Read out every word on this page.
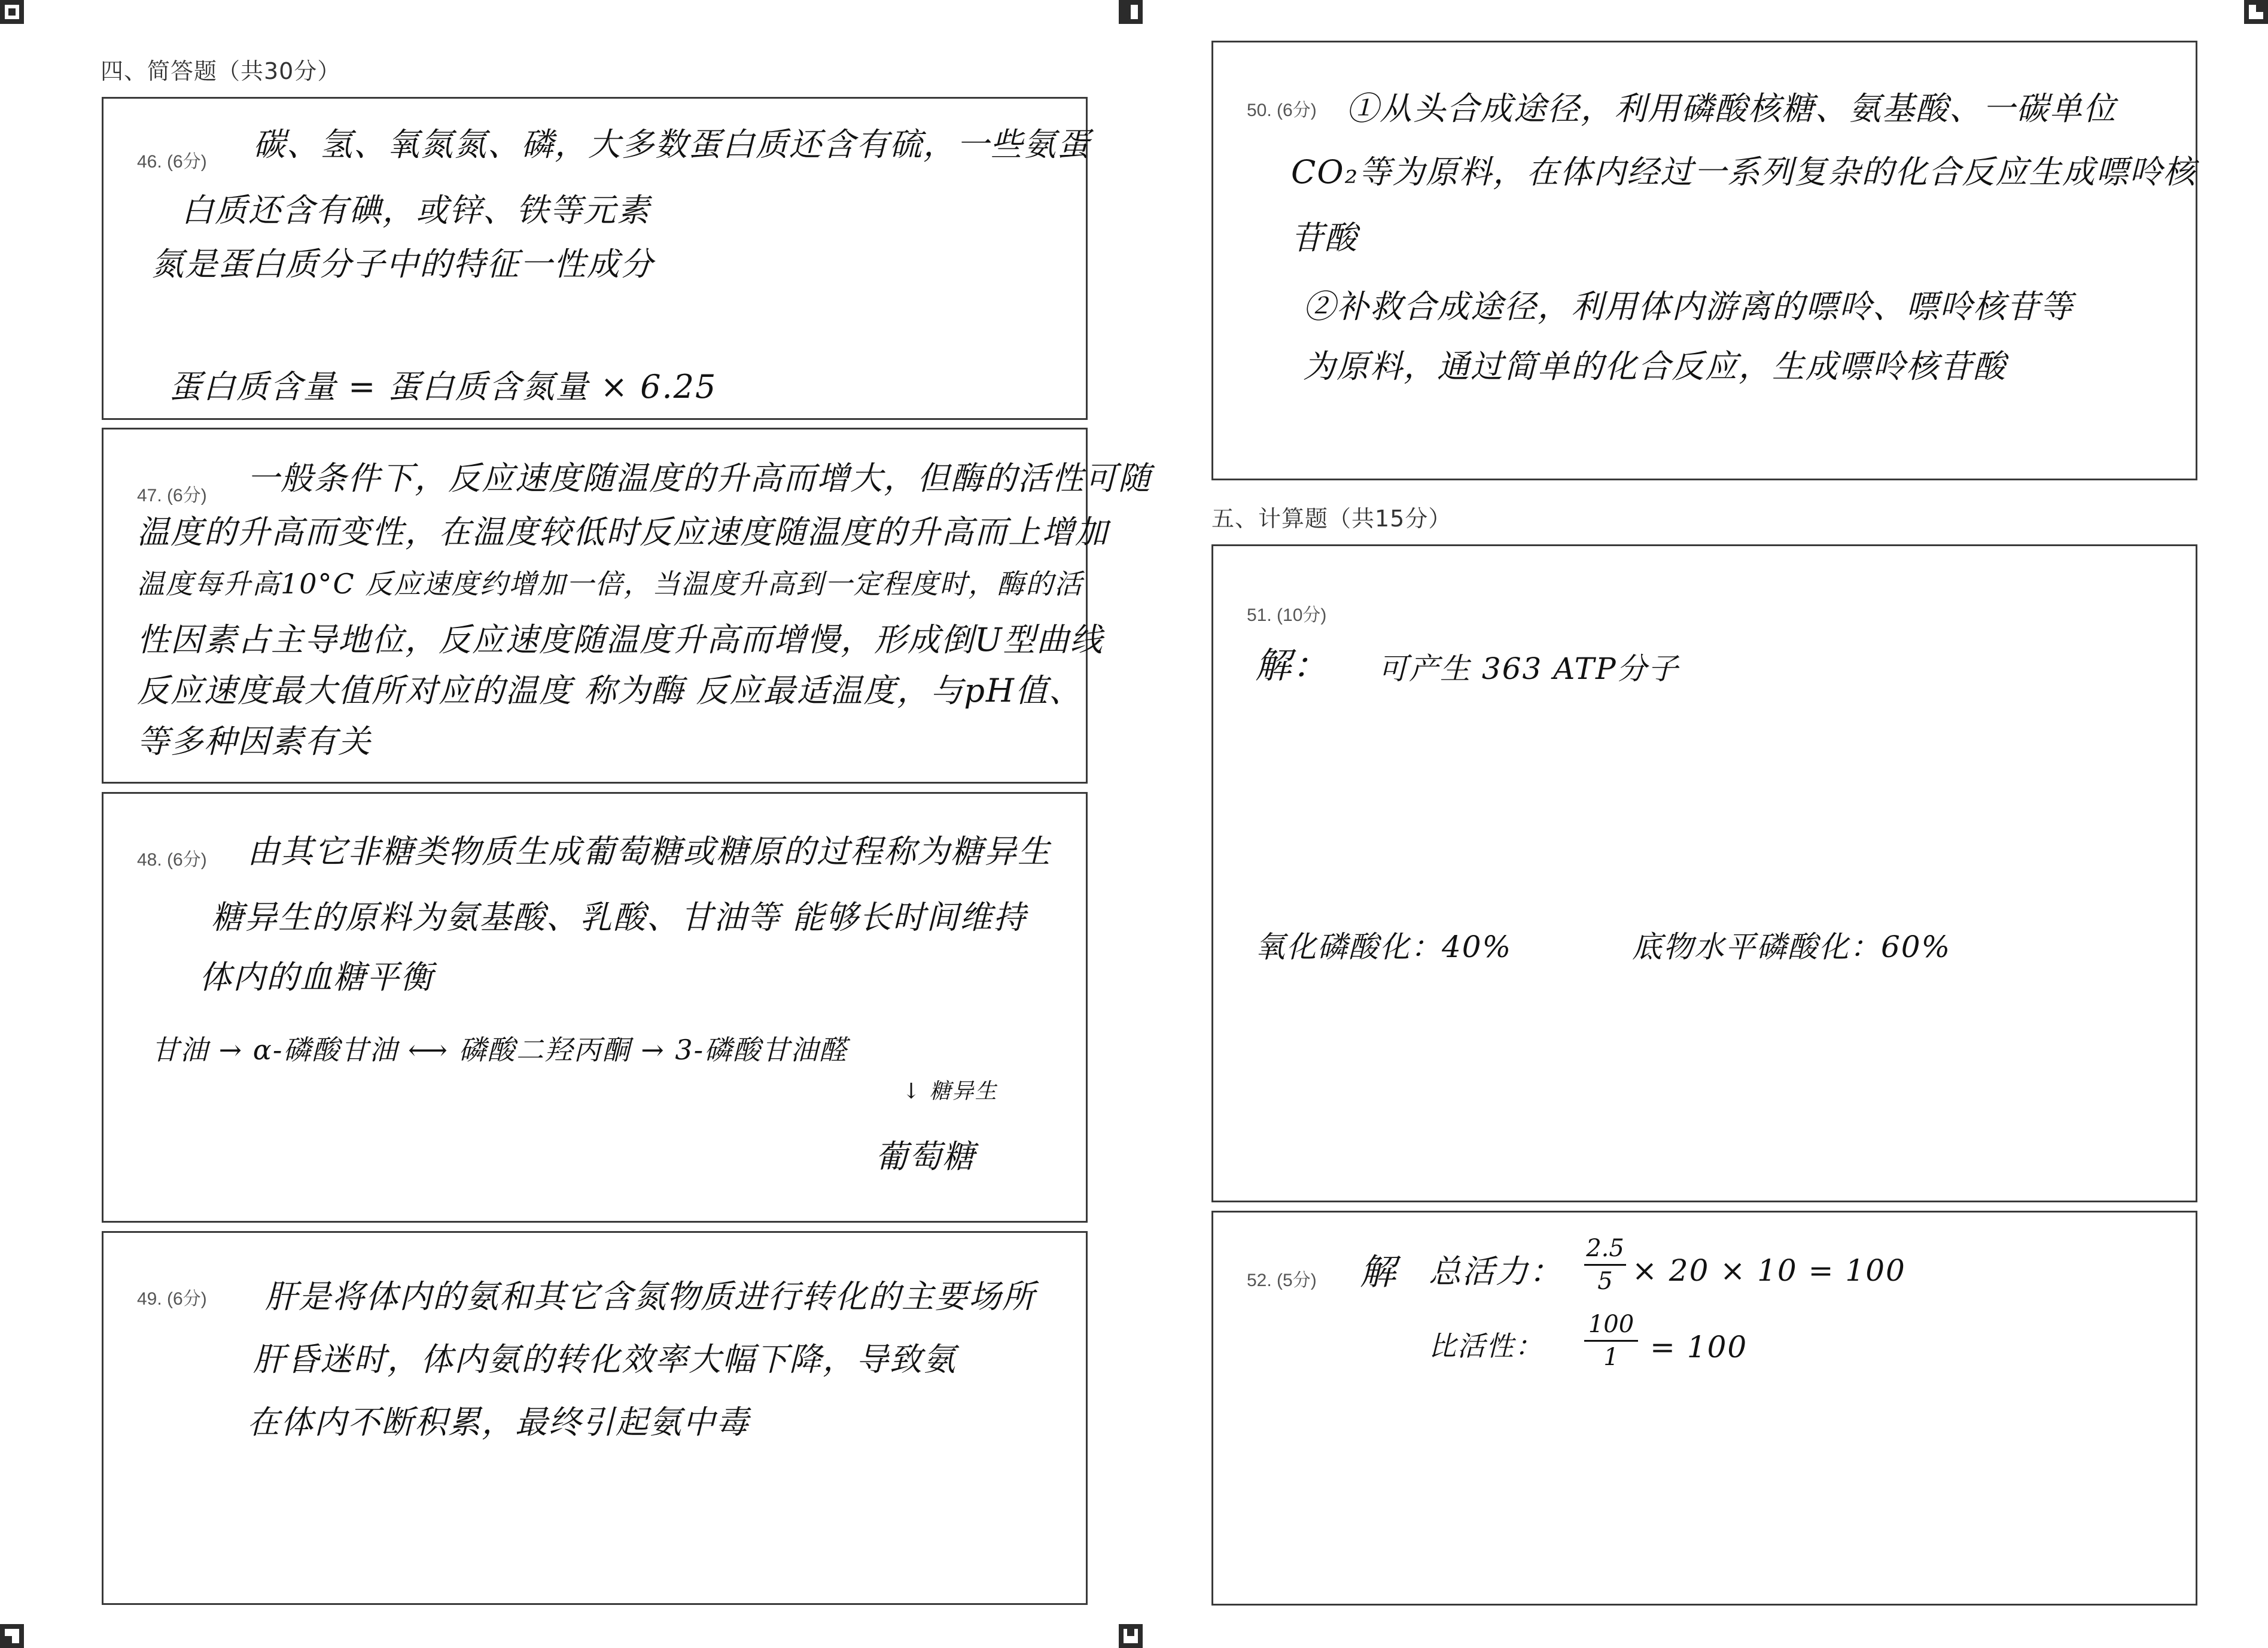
四、简答题（共30分）
46. (6分) 碳、氢、氧氮氮、磷，大多数蛋白质还含有硫，一些氨蛋
白质还含有碘，或锌、铁等元素
氮是蛋白质分子中的特征一性成分
蛋白质含量 = 蛋白质含氮量 × 6.25
47. (6分) 一般条件下，反应速度随温度的升高而增大，但酶的活性可随
温度的升高而变性，在温度较低时反应速度随温度的升高而上增加
温度每升高10°C 反应速度约增加一倍，当温度升高到一定程度时，酶的活
性因素占主导地位，反应速度随温度升高而增慢，形成倒U型曲线
反应速度最大值所对应的温度 称为酶 反应最适温度，与pH值、
等多种因素有关
48. (6分) 由其它非糖类物质生成葡萄糖或糖原的过程称为糖异生
糖异生的原料为氨基酸、乳酸、甘油等 能够长时间维持
体内的血糖平衡
甘油 → α-磷酸甘油 ⟷ 磷酸二羟丙酮 → 3-磷酸甘油醛
↓ 糖异生
葡萄糖
49. (6分) 肝是将体内的氨和其它含氮物质进行转化的主要场所
肝昏迷时，体内氨的转化效率大幅下降，导致氨
在体内不断积累，最终引起氨中毒
50. (6分) ①从头合成途径，利用磷酸核糖、氨基酸、一碳单位
CO₂等为原料，在体内经过一系列复杂的化合反应生成嘌呤核
苷酸
②补救合成途径，利用体内游离的嘌呤、嘌呤核苷等
为原料，通过简单的化合反应，生成嘌呤核苷酸
五、计算题（共15分）
51. (10分)
解： 可产生 363 ATP分子
氧化磷酸化：40%	底物水平磷酸化：60%
52. (5分) 解 总活力：
2.5
5 × 20 × 10 = 100
比活性：
100
1	= 100
